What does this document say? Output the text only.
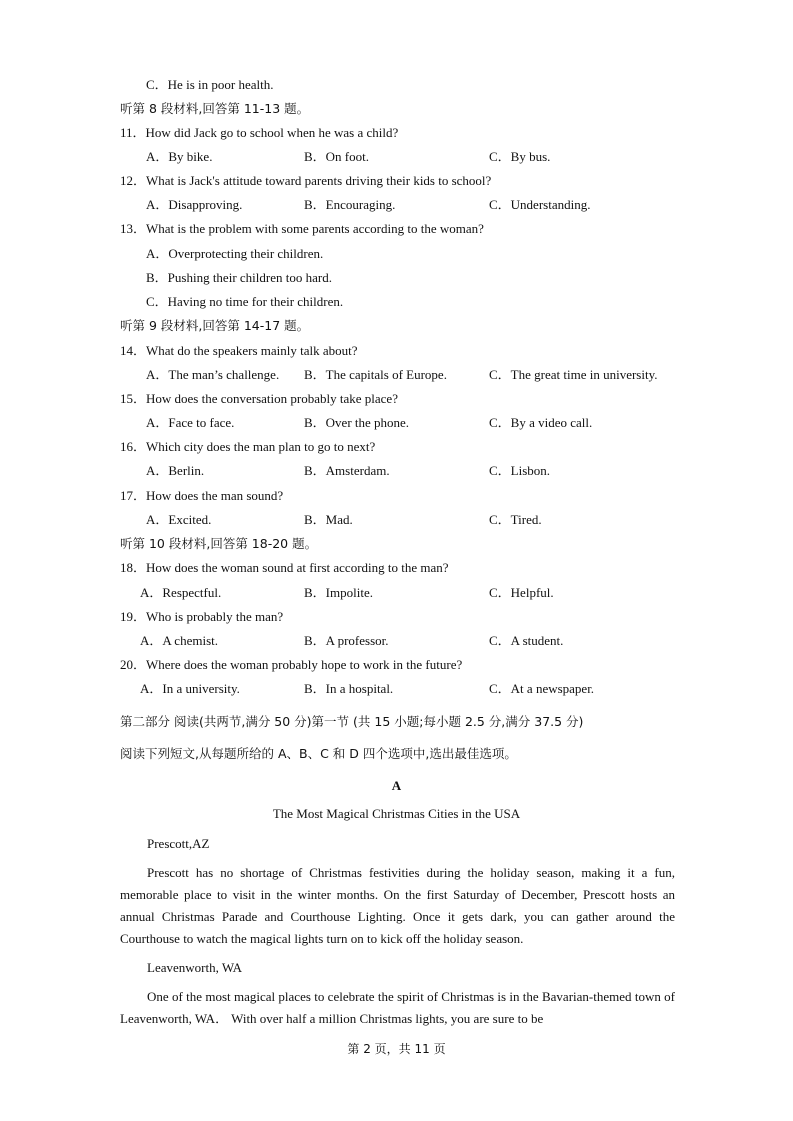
C．He is in poor health.
听第 8 段材料,回答第 11-13 题。
11．How did Jack go to school when he was a child?
A．By bike.	B．On foot.	C．By bus.
12．What is Jack's attitude toward parents driving their kids to school?
A．Disapproving.	B．Encouraging.	C．Understanding.
13．What is the problem with some parents according to the woman?
A．Overprotecting their children.
B．Pushing their children too hard.
C．Having no time for their children.
听第 9 段材料,回答第 14-17 题。
14．What do the speakers mainly talk about?
A．The man’s challenge. B．The capitals of Europe.	C．The great time in university.
15．How does the conversation probably take place?
A．Face to face.	B．Over the phone.	C．By a video call.
16．Which city does the man plan to go to next?
A．Berlin.	B．Amsterdam.	C．Lisbon.
17．How does the man sound?
A．Excited.	B．Mad.	C．Tired.
听第 10 段材料,回答第 18-20 题。
18．How does the woman sound at first according to the man?
A．Respectful.	B．Impolite.	C．Helpful.
19．Who is probably the man?
A．A chemist.	B．A professor.	C．A student.
20．Where does the woman probably hope to work in the future?
A．In a university.	B．In a hospital.	C．At a newspaper.
第二部分 阅读(共两节,满分 50 分)第一节 (共 15 小题;每小题 2.5 分,满分 37.5 分)
阅读下列短文,从每题所给的 A、B、C 和 D 四个选项中,选出最佳选项。
A
The Most Magical Christmas Cities in the USA
Prescott,AZ

Prescott has no shortage of Christmas festivities during the holiday season, making it a fun, memorable place to visit in the winter months. On the first Saturday of December, Prescott hosts an annual Christmas Parade and Courthouse Lighting. Once it gets dark, you can gather around the Courthouse to watch the magical lights turn on to kick off the holiday season.

Leavenworth, WA

One of the most magical places to celebrate the spirit of Christmas is in the Bavarian-themed town of Leavenworth, WA． With over half a million Christmas lights, you are sure to be

第 2 页，共 11 页
